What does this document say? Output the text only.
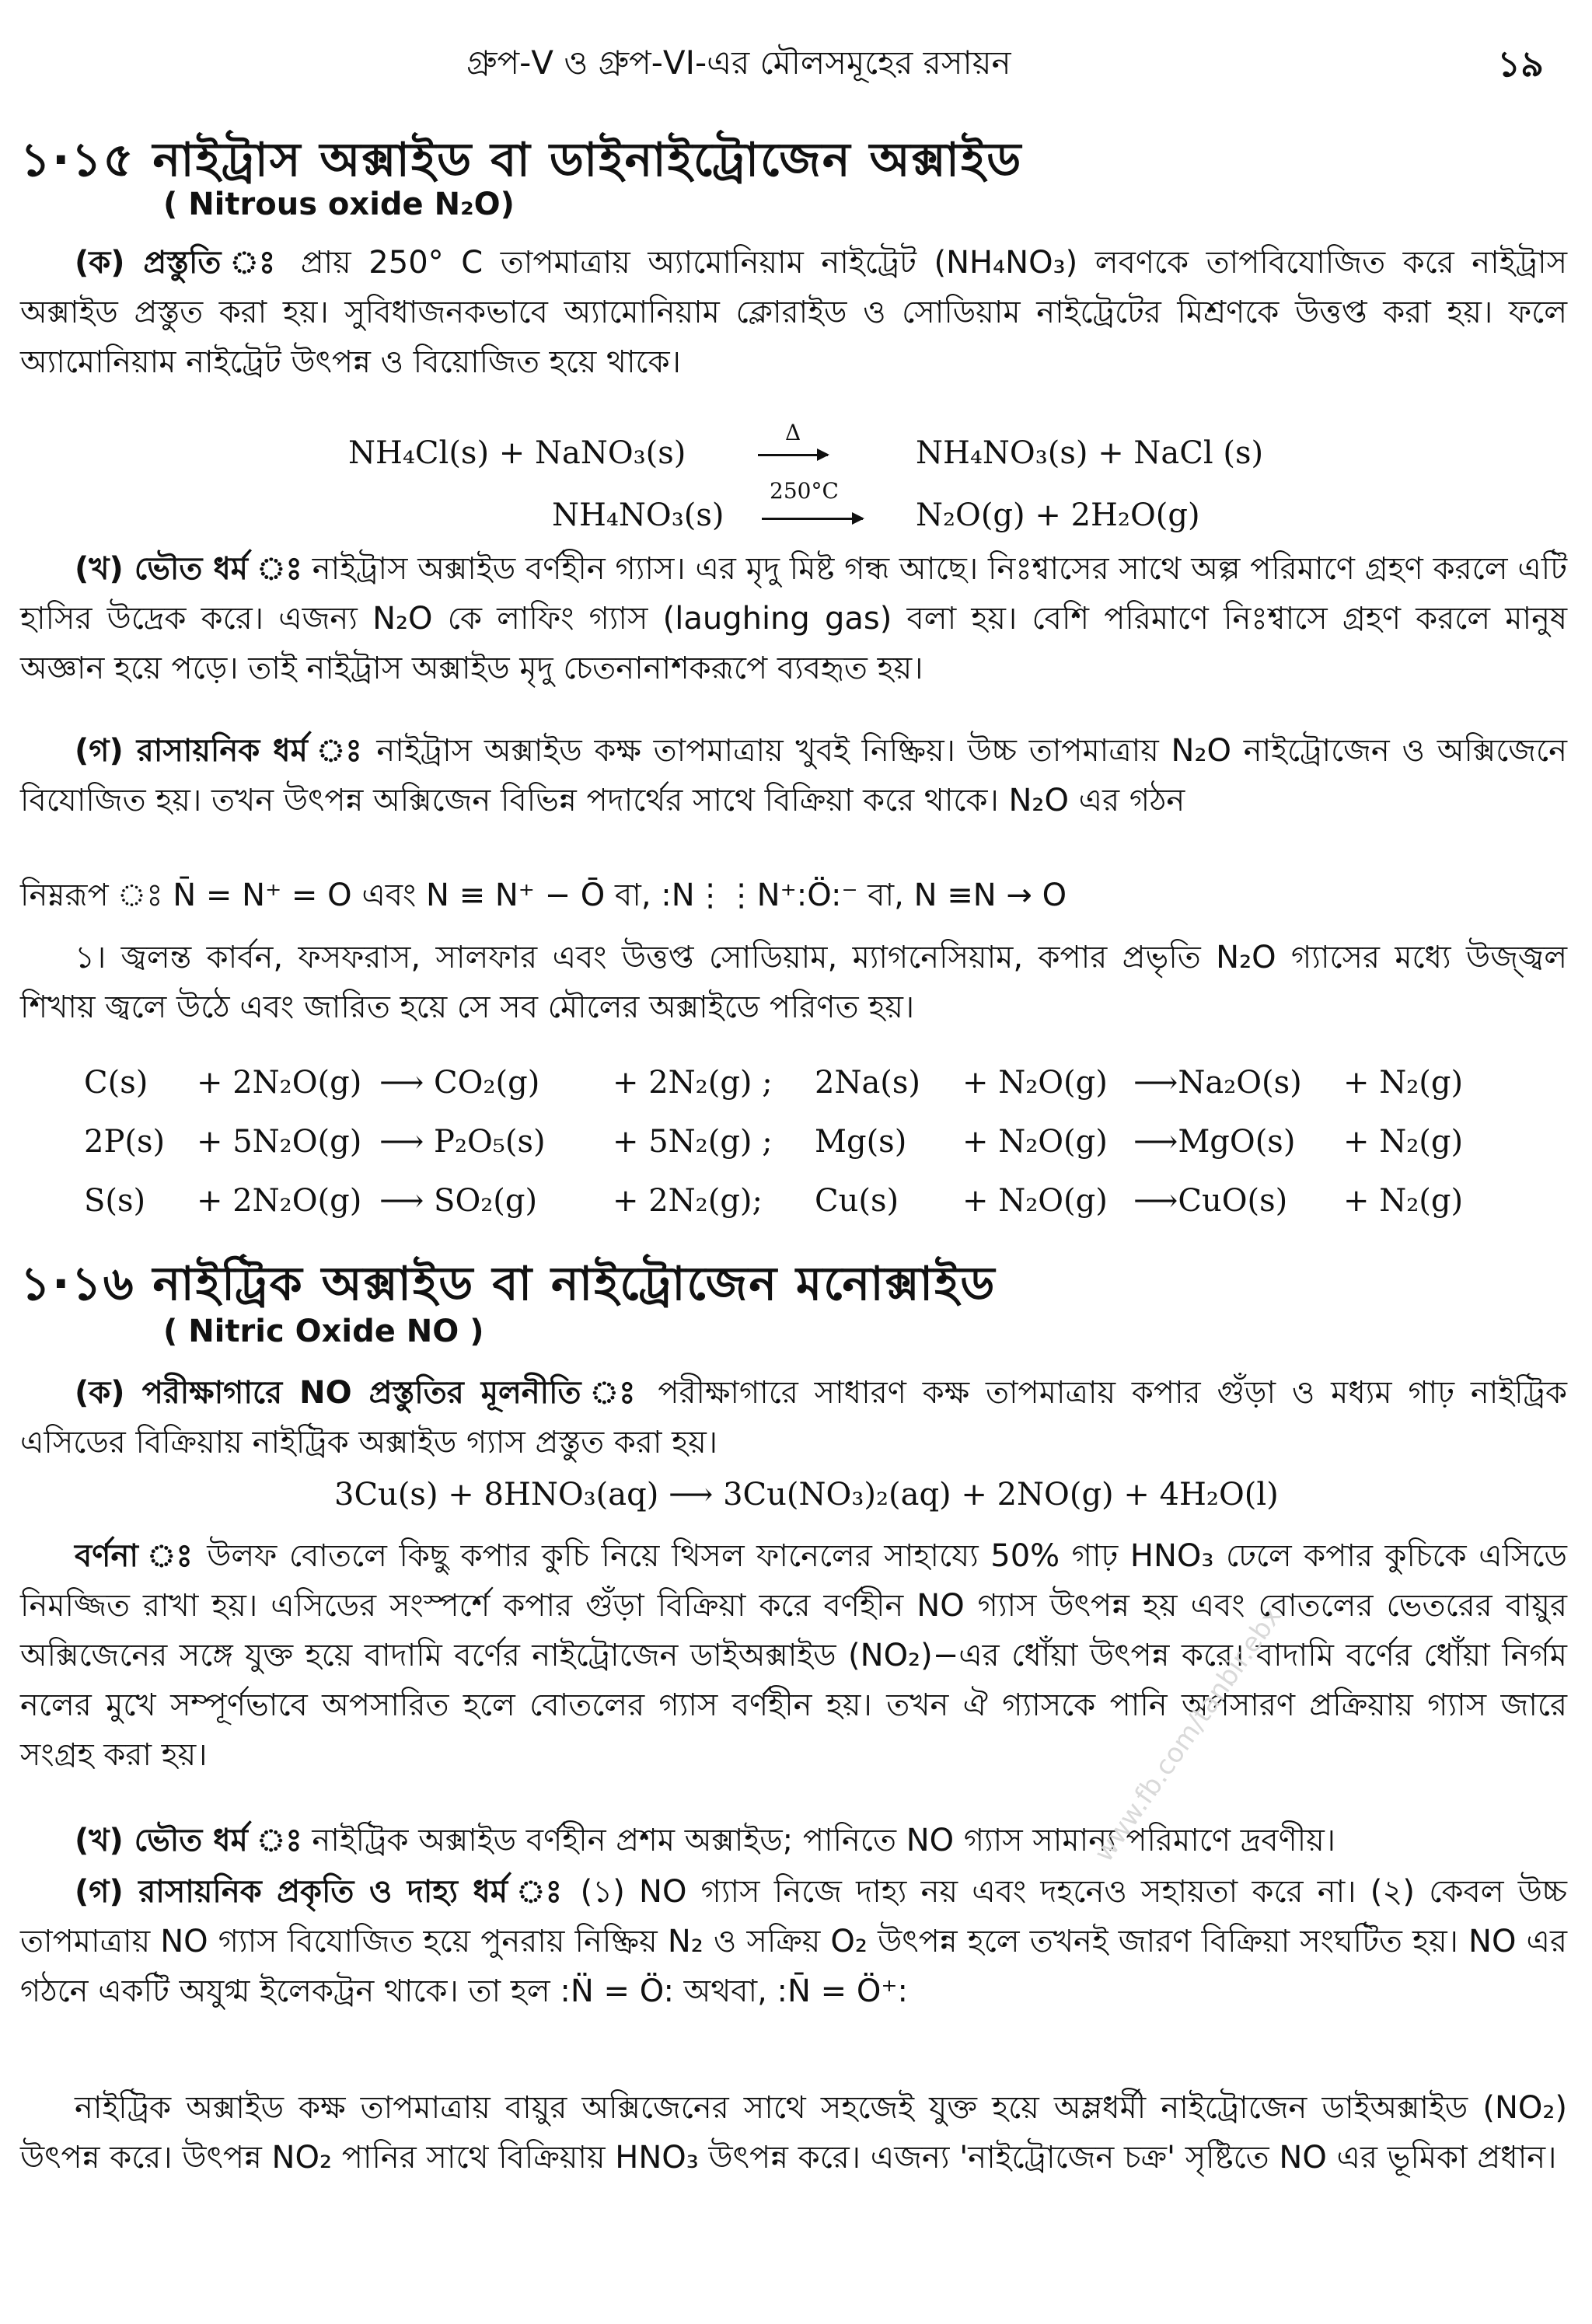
গ্রুপ-V ও গ্রুপ-VI-এর মৌলসমূহের রসায়ন	১৯
১·১৫ নাইট্রাস অক্সাইড বা ডাইনাইট্রোজেন অক্সাইড
( Nitrous oxide N₂O)
(ক) প্রস্তুতি ঃ প্রায় 250° C তাপমাত্রায় অ্যামোনিয়াম নাইট্রেট (NH₄NO₃) লবণকে তাপবিযোজিত করে নাইট্রাস অক্সাইড প্রস্তুত করা হয়। সুবিধাজনকভাবে অ্যামোনিয়াম ক্লোরাইড ও সোডিয়াম নাইট্রেটের মিশ্রণকে উত্তপ্ত করা হয়। ফলে অ্যামোনিয়াম নাইট্রেট উৎপন্ন ও বিয়োজিত হয়ে থাকে।
NH₄Cl(s) + NaNO₃(s)
Δ
NH₄NO₃(s) + NaCl (s)
NH₄NO₃(s)
250°C
N₂O(g) + 2H₂O(g)
(খ) ভৌত ধর্ম ঃ নাইট্রাস অক্সাইড বর্ণহীন গ্যাস। এর মৃদু মিষ্ট গন্ধ আছে। নিঃশ্বাসের সাথে অল্প পরিমাণে গ্রহণ করলে এটি হাসির উদ্রেক করে। এজন্য N₂O কে লাফিং গ্যাস (laughing gas) বলা হয়। বেশি পরিমাণে নিঃশ্বাসে গ্রহণ করলে মানুষ অজ্ঞান হয়ে পড়ে। তাই নাইট্রাস অক্সাইড মৃদু চেতনানাশকরূপে ব্যবহৃত হয়।
(গ) রাসায়নিক ধর্ম ঃ নাইট্রাস অক্সাইড কক্ষ তাপমাত্রায় খুবই নিষ্ক্রিয়। উচ্চ তাপমাত্রায় N₂O নাইট্রোজেন ও অক্সিজেনে বিযোজিত হয়। তখন উৎপন্ন অক্সিজেন বিভিন্ন পদার্থের সাথে বিক্রিয়া করে থাকে। N₂O এর গঠন
নিম্নরূপ ঃ N̄ = N⁺ = O এবং N ≡ N⁺ − Ō বা, :N⋮⋮N⁺:Ö:⁻ বা, N ≡N → O
১। জ্বলন্ত কার্বন, ফসফরাস, সালফার এবং উত্তপ্ত সোডিয়াম, ম্যাগনেসিয়াম, কপার প্রভৃতি N₂O গ্যাসের মধ্যে উজ্জ্বল শিখায় জ্বলে উঠে এবং জারিত হয়ে সে সব মৌলের অক্সাইডে পরিণত হয়।
C(s) + 2N₂O(g) ⟶ CO₂(g) + 2N₂(g) ; 2Na(s) + N₂O(g) ⟶Na₂O(s) + N₂(g)
2P(s) + 5N₂O(g) ⟶ P₂O₅(s) + 5N₂(g) ; Mg(s) + N₂O(g) ⟶MgO(s) + N₂(g)
S(s) + 2N₂O(g) ⟶ SO₂(g) + 2N₂(g); Cu(s) + N₂O(g) ⟶CuO(s) + N₂(g)
১·১৬ নাইট্রিক অক্সাইড বা নাইট্রোজেন মনোক্সাইড
( Nitric Oxide NO )
(ক) পরীক্ষাগারে NO প্রস্তুতির মূলনীতি ঃ পরীক্ষাগারে সাধারণ কক্ষ তাপমাত্রায় কপার গুঁড়া ও মধ্যম গাঢ় নাইট্রিক এসিডের বিক্রিয়ায় নাইট্রিক অক্সাইড গ্যাস প্রস্তুত করা হয়।
3Cu(s) + 8HNO₃(aq) ⟶ 3Cu(NO₃)₂(aq) + 2NO(g) + 4H₂O(l)
বর্ণনা ঃ উলফ বোতলে কিছু কপার কুচি নিয়ে থিসল ফানেলের সাহায্যে 50% গাঢ় HNO₃ ঢেলে কপার কুচিকে এসিডে নিমজ্জিত রাখা হয়। এসিডের সংস্পর্শে কপার গুঁড়া বিক্রিয়া করে বর্ণহীন NO গ্যাস উৎপন্ন হয় এবং বোতলের ভেতরের বায়ুর অক্সিজেনের সঙ্গে যুক্ত হয়ে বাদামি বর্ণের নাইট্রোজেন ডাইঅক্সাইড (NO₂)−এর ধোঁয়া উৎপন্ন করে। বাদামি বর্ণের ধোঁয়া নির্গম নলের মুখে সম্পূর্ণভাবে অপসারিত হলে বোতলের গ্যাস বর্ণহীন হয়। তখন ঐ গ্যাসকে পানি অপসারণ প্রক্রিয়ায় গ্যাস জারে সংগ্রহ করা হয়।
(খ) ভৌত ধর্ম ঃ নাইট্রিক অক্সাইড বর্ণহীন প্রশম অক্সাইড; পানিতে NO গ্যাস সামান্য পরিমাণে দ্রবণীয়।
(গ) রাসায়নিক প্রকৃতি ও দাহ্য ধর্ম ঃ (১) NO গ্যাস নিজে দাহ্য নয় এবং দহনেও সহায়তা করে না। (২) কেবল উচ্চ তাপমাত্রায় NO গ্যাস বিযোজিত হয়ে পুনরায় নিষ্ক্রিয় N₂ ও সক্রিয় O₂ উৎপন্ন হলে তখনই জারণ বিক্রিয়া সংঘটিত হয়। NO এর গঠনে একটি অযুগ্ম ইলেকট্রন থাকে। তা হল :N̈ = Ö: অথবা, :N̄ = Ö⁺:
নাইট্রিক অক্সাইড কক্ষ তাপমাত্রায় বায়ুর অক্সিজেনের সাথে সহজেই যুক্ত হয়ে অম্লধর্মী নাইট্রোজেন ডাইঅক্সাইড (NO₂) উৎপন্ন করে। উৎপন্ন NO₂ পানির সাথে বিক্রিয়ায় HNO₃ উৎপন্ন করে। এজন্য 'নাইট্রোজেন চক্র' সৃষ্টিতে NO এর ভূমিকা প্রধান।
www.fb.com/tanbir.ebx
